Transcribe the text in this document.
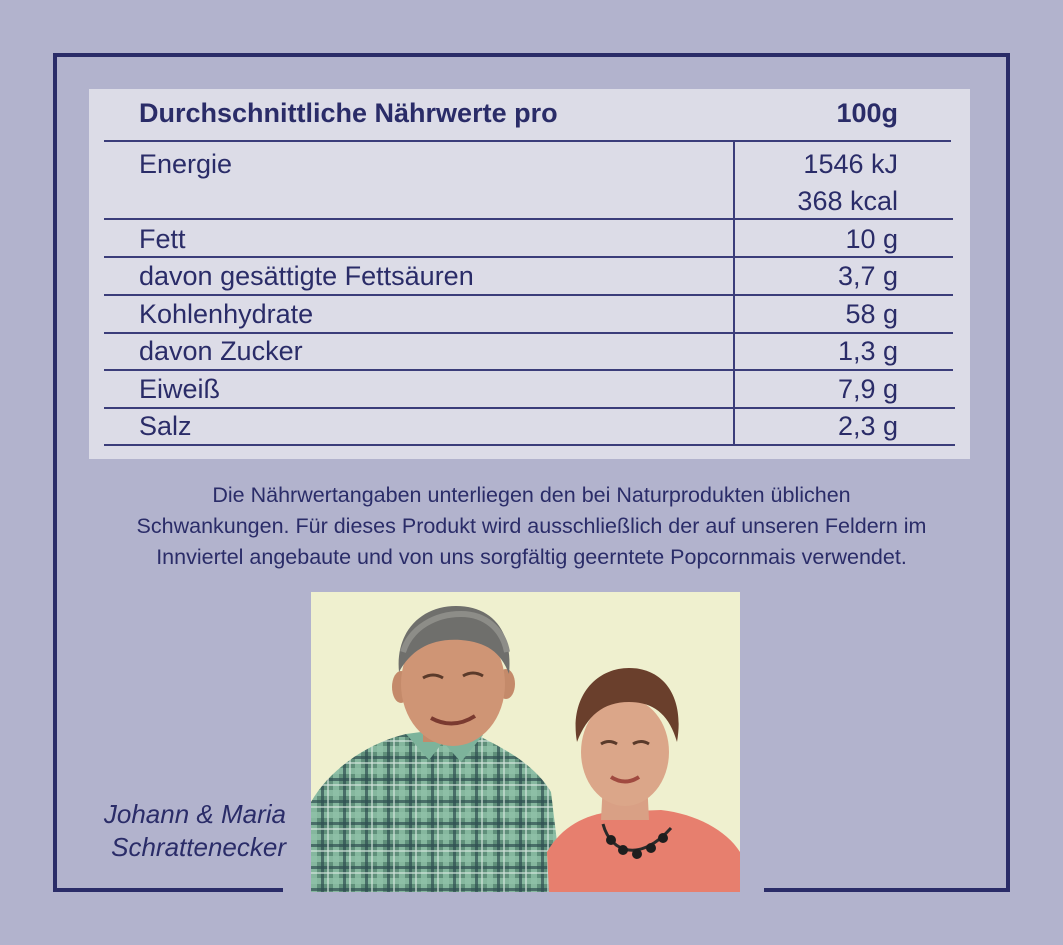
Durchschnittliche Nährwerte pro	100g
Energie	1546 kJ
368 kcal
Fett	10 g
davon gesättigte Fettsäuren	3,7 g
Kohlenhydrate	58 g
davon Zucker	1,3 g
Eiweiß	7,9 g
Salz	2,3 g
Die Nährwertangaben unterliegen den bei Naturprodukten üblichen
Schwankungen. Für dieses Produkt wird ausschließlich der auf unseren Feldern im
Innviertel angebaute und von uns sorgfältig geerntete Popcornmais verwendet.
Johann & Maria
Schrattenecker
